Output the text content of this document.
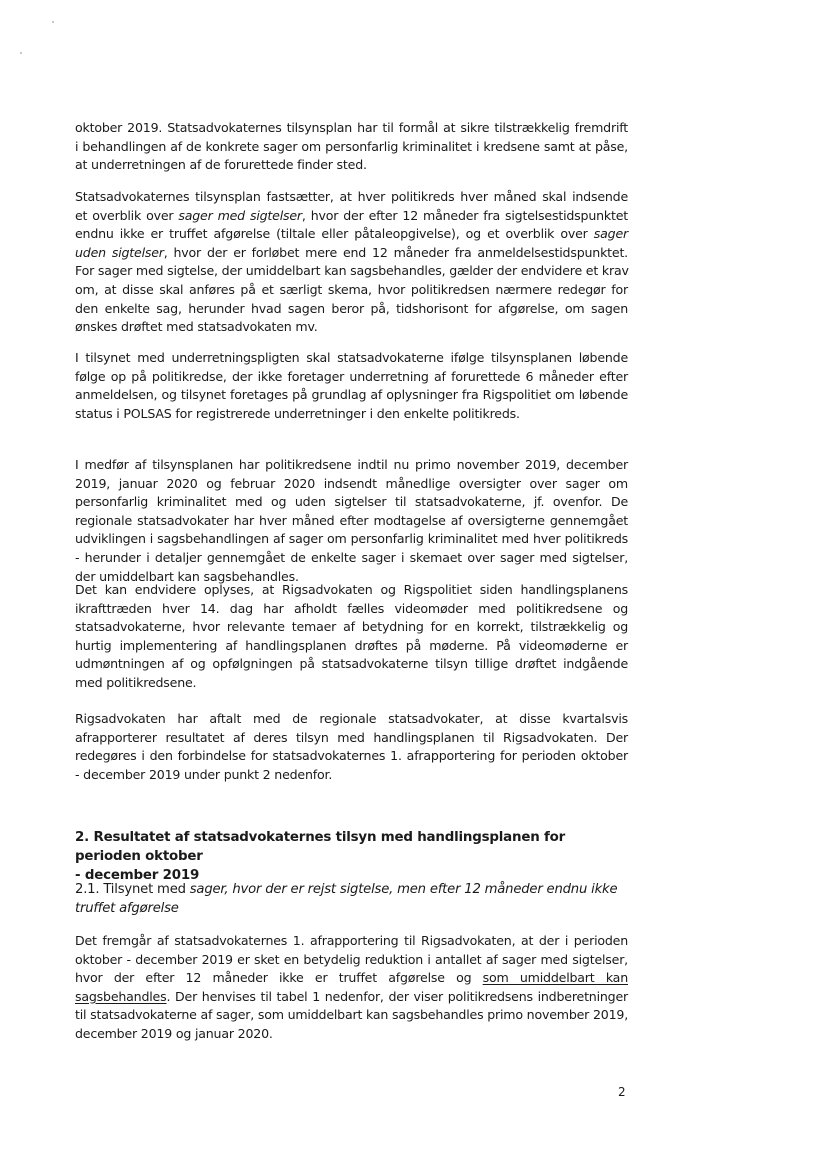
oktober 2019. Statsadvokaternes tilsynsplan har til formål at sikre tilstrækkelig fremdrift
i behandlingen af de konkrete sager om personfarlig kriminalitet i kredsene samt at påse,
at underretningen af de forurettede finder sted.
Statsadvokaternes tilsynsplan fastsætter, at hver politikreds hver måned skal indsende
et overblik over sager med sigtelser, hvor der efter 12 måneder fra sigtelsestidspunktet
endnu ikke er truffet afgørelse (tiltale eller påtaleopgivelse), og et overblik over sager
uden sigtelser, hvor der er forløbet mere end 12 måneder fra anmeldelsestidspunktet.
For sager med sigtelse, der umiddelbart kan sagsbehandles, gælder der endvidere et krav
om, at disse skal anføres på et særligt skema, hvor politikredsen nærmere redegør for
den enkelte sag, herunder hvad sagen beror på, tidshorisont for afgørelse, om sagen
ønskes drøftet med statsadvokaten mv.
I tilsynet med underretningspligten skal statsadvokaterne ifølge tilsynsplanen løbende
følge op på politikredse, der ikke foretager underretning af forurettede 6 måneder efter
anmeldelsen, og tilsynet foretages på grundlag af oplysninger fra Rigspolitiet om løbende
status i POLSAS for registrerede underretninger i den enkelte politikreds.
I medfør af tilsynsplanen har politikredsene indtil nu primo november 2019, december
2019, januar 2020 og februar 2020 indsendt månedlige oversigter over sager om
personfarlig kriminalitet med og uden sigtelser til statsadvokaterne, jf. ovenfor. De
regionale statsadvokater har hver måned efter modtagelse af oversigterne gennemgået
udviklingen i sagsbehandlingen af sager om personfarlig kriminalitet med hver politikreds
- herunder i detaljer gennemgået de enkelte sager i skemaet over sager med sigtelser,
der umiddelbart kan sagsbehandles.
Det kan endvidere oplyses, at Rigsadvokaten og Rigspolitiet siden handlingsplanens
ikrafttræden hver 14. dag har afholdt fælles videomøder med politikredsene og
statsadvokaterne, hvor relevante temaer af betydning for en korrekt, tilstrækkelig og
hurtig implementering af handlingsplanen drøftes på møderne. På videomøderne er
udmøntningen af og opfølgningen på statsadvokaterne tilsyn tillige drøftet indgående
med politikredsene.
Rigsadvokaten har aftalt med de regionale statsadvokater, at disse kvartalsvis
afrapporterer resultatet af deres tilsyn med handlingsplanen til Rigsadvokaten. Der
redegøres i den forbindelse for statsadvokaternes 1. afrapportering for perioden oktober
- december 2019 under punkt 2 nedenfor.
2. Resultatet af statsadvokaternes tilsyn med handlingsplanen for perioden oktober
- december 2019
2.1. Tilsynet med sager, hvor der er rejst sigtelse, men efter 12 måneder endnu ikke
truffet afgørelse
Det fremgår af statsadvokaternes 1. afrapportering til Rigsadvokaten, at der i perioden
oktober - december 2019 er sket en betydelig reduktion i antallet af sager med sigtelser,
hvor der efter 12 måneder ikke er truffet afgørelse og som umiddelbart kan
sagsbehandles. Der henvises til tabel 1 nedenfor, der viser politikredsens indberetninger
til statsadvokaterne af sager, som umiddelbart kan sagsbehandles primo november 2019,
december 2019 og januar 2020.
2
